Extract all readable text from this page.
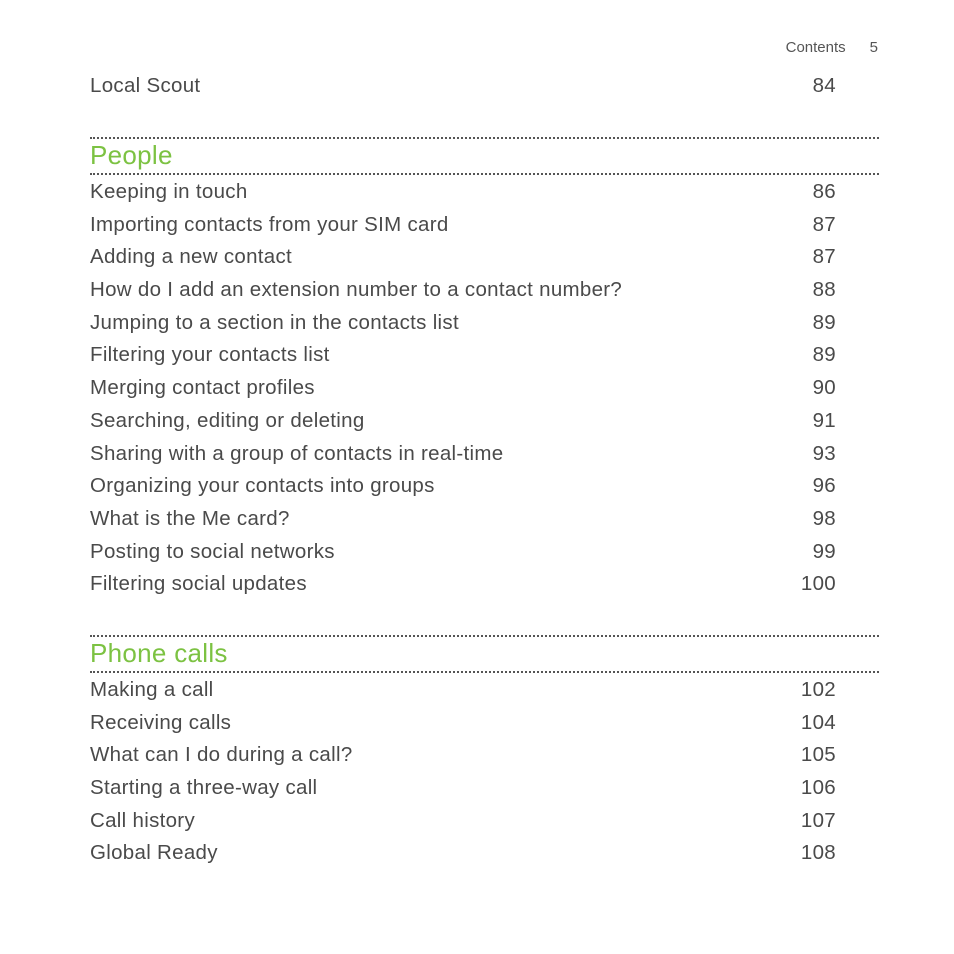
Contents 5
Local Scout	84
People
Keeping in touch	86
Importing contacts from your SIM card	87
Adding a new contact	87
How do I add an extension number to a contact number?	88
Jumping to a section in the contacts list	89
Filtering your contacts list	89
Merging contact profiles	90
Searching, editing or deleting	91
Sharing with a group of contacts in real-time	93
Organizing your contacts into groups	96
What is the Me card?	98
Posting to social networks	99
Filtering social updates	100
Phone calls
Making a call	102
Receiving calls	104
What can I do during a call?	105
Starting a three-way call	106
Call history	107
Global Ready	108
